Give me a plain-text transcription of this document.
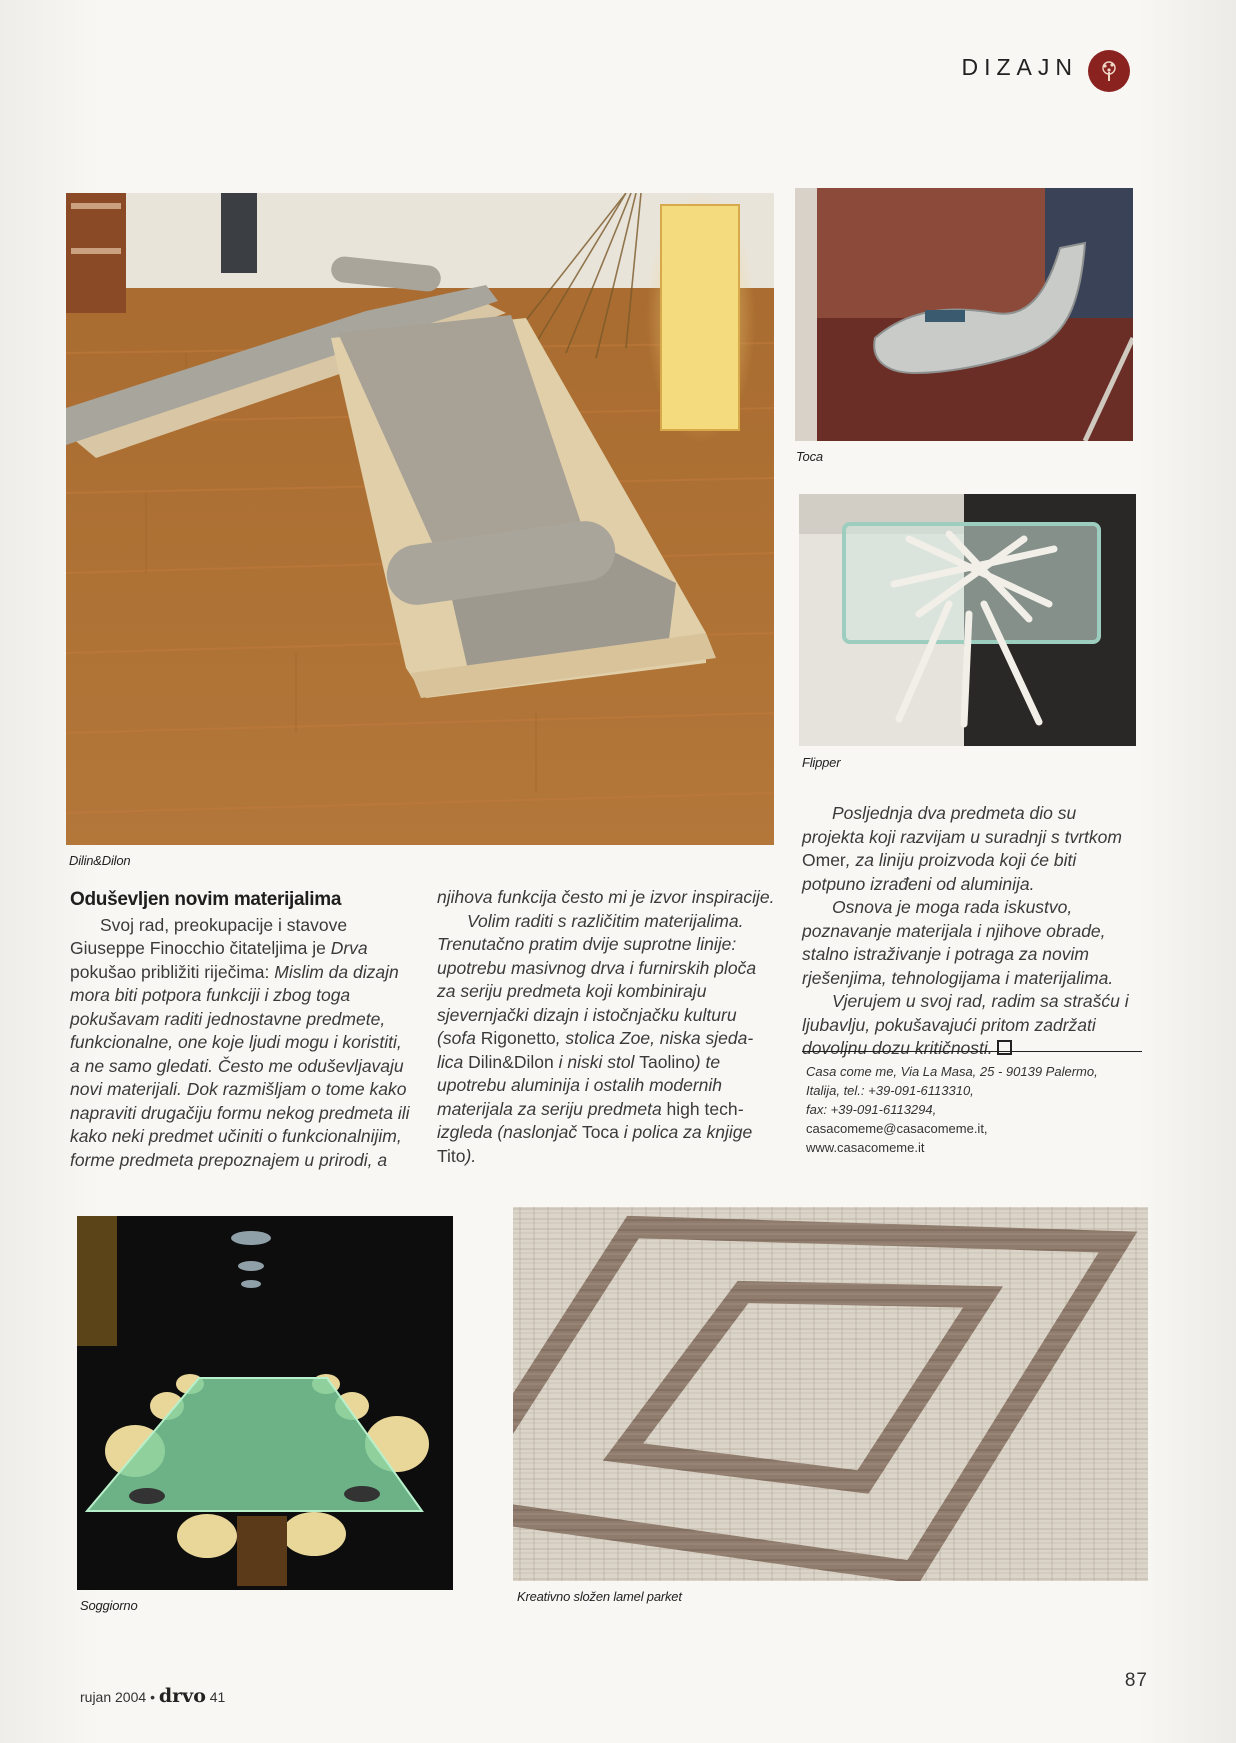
DIZAJN
Dilin&Dilon
Toca
Flipper
Oduševljen novim materijalima

Svoj rad, preokupacije i stavove Giuseppe Finocchio čitateljima je Drva pokušao približiti riječima: Mislim da dizajn mora biti potpora funkciji i zbog toga pokušavam raditi jednostavne predmete, funkcionalne, one koje ljudi mogu i koristiti, a ne samo gledati. Često me oduševljavaju novi materijali. Dok razmišljam o tome kako napraviti drugačiju formu nekog predmeta ili kako neki predmet učiniti o funkcionalnijim, forme predmeta prepoznajem u prirodi, a

njihova funkcija često mi je izvor inspiracije.

Volim raditi s različitim materijalima. Trenutačno pratim dvije suprotne linije: upotrebu masivnog drva i furnirskih ploča za seriju predmeta koji kombiniraju sjevernjački dizajn i istočnjačku kulturu (sofa Rigonetto, stolica Zoe, niska sjeda-lica Dilin&Dilon i niski stol Taolino) te upotrebu aluminija i ostalih modernih materijala za seriju predmeta high tech-izgleda (naslonjač Toca i polica za knjige Tito).

Posljednja dva predmeta dio su projekta koji razvijam u suradnji s tvrtkom Omer, za liniju proizvoda koji će biti potpuno izrađeni od aluminija.

Osnova je moga rada iskustvo, poznavanje materijala i njihove obrade, stalno istraživanje i potraga za novim rješenjima, tehnologijama i materijalima.

Vjerujem u svoj rad, radim sa strašću i ljubavlju, pokušavajući pritom zadržati dovoljnu dozu kritičnosti.

Casa come me, Via La Masa, 25 - 90139 Palermo,
Italija, tel.: +39-091-6113310,
fax: +39-091-6113294,
casacomeme@casacomeme.it,
www.casacomeme.it
Soggiorno
Kreativno složen lamel parket
rujan 2004 • drvo 41
87
